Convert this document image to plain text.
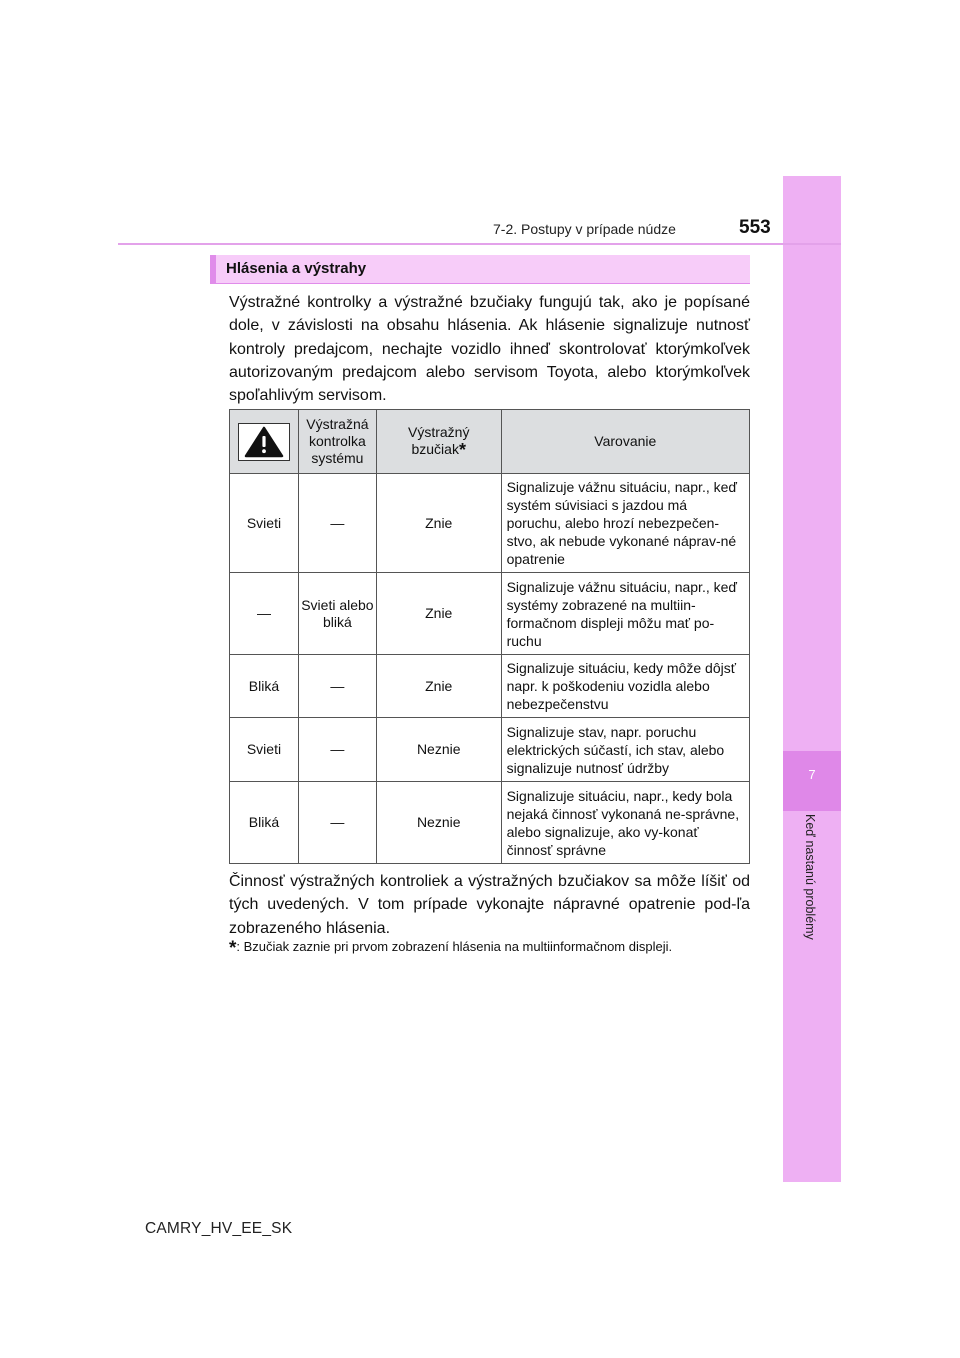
7
Keď nastanú problémy
7-2. Postupy v prípade núdze	553
Hlásenia a výstrahy

Výstražné kontrolky a výstražné bzučiaky fungujú tak, ako je popísané dole, v závislosti na obsahu hlásenia. Ak hlásenie signalizuje nutnosť kontroly predajcom, nechajte vozidlo ihneď skontrolovať ktorýmkoľvek autorizovaným predajcom alebo servisom Toyota, alebo ktorýmkoľvek spoľahlivým servisom.

	Výstražná kontrolka systému	Výstražný bzučiak*	Varovanie
Svieti	—	Znie	Signalizuje vážnu situáciu, napr., keď systém súvisiaci s jazdou má poruchu, alebo hrozí nebezpečen-stvo, ak nebude vykonané náprav-né opatrenie
—	Svieti alebo bliká	Znie	Signalizuje vážnu situáciu, napr., keď systémy zobrazené na multiin-formačnom displeji môžu mať po-ruchu
Bliká	—	Znie	Signalizuje situáciu, kedy môže dôjsť napr. k poškodeniu vozidla alebo nebezpečenstvu
Svieti	—	Neznie	Signalizuje stav, napr. poruchu elektrických súčastí, ich stav, alebo signalizuje nutnosť údržby
Bliká	—	Neznie	Signalizuje situáciu, napr., kedy bola nejaká činnosť vykonaná ne-správne, alebo signalizuje, ako vy-konať činnosť správne

Činnosť výstražných kontroliek a výstražných bzučiakov sa môže líšiť od tých uvedených. V tom prípade vykonajte nápravné opatrenie pod-ľa zobrazeného hlásenia.

*: Bzučiak zaznie pri prvom zobrazení hlásenia na multiinformačnom displeji.
CAMRY_HV_EE_SK
